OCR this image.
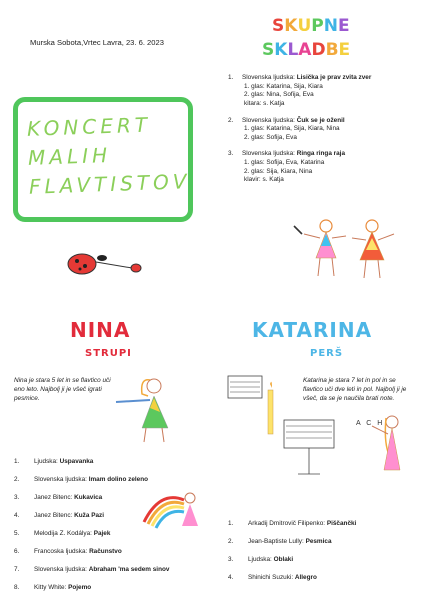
Murska Sobota,Vrtec Lavra, 23. 6. 2023
KONCERT
MALIH
FLAVTISTOV
SKUPNE
SKLADBE
1. Slovenska ljudska: Lisička je prav zvita zver
1. glas: Katarina, Sija, Kiara
2. glas: Nina, Sofija, Eva
kitara: s. Katja
2. Slovenska ljudska: Čuk se je oženil
1. glas: Katarina, Sija, Kiara, Nina
2. glas: Sofija, Eva
3. Slovenska ljudska: Ringa ringa raja
1. glas: Sofija, Eva, Katarina
2. glas: Sija, Kiara, Nina
klavir: s. Katja
NINA
STRUPI
Nina je stara 5 let in se flavtico uči eno leto. Najbolj ji je všeč igrati pesmice.
1. Ljudska: Uspavanka
2. Slovenska ljudska: Imam dolino zeleno
3. Janez Bitenc: Kukavica
4. Janez Bitenc: Kuža Pazi
5. Melodija Z. Kodálya: Pajek
6. Francoska ljudska: Računstvo
7. Slovenska ljudska: Abraham 'ma sedem sinov
8. Kitty White: Pojemo
KATARINA
PERŠ
Katarina je stara 7 let in pol in se flavtico uči dve leti in pol. Najbolj ji je všeč, da se je naučila brati note.
A C H
1. Arkadij Dmitrovič Filipenko: Piščančki
2. Jean-Baptiste Lully: Pesmica
3. Ljudska: Oblaki
4. Shinichi Suzuki: Allegro
